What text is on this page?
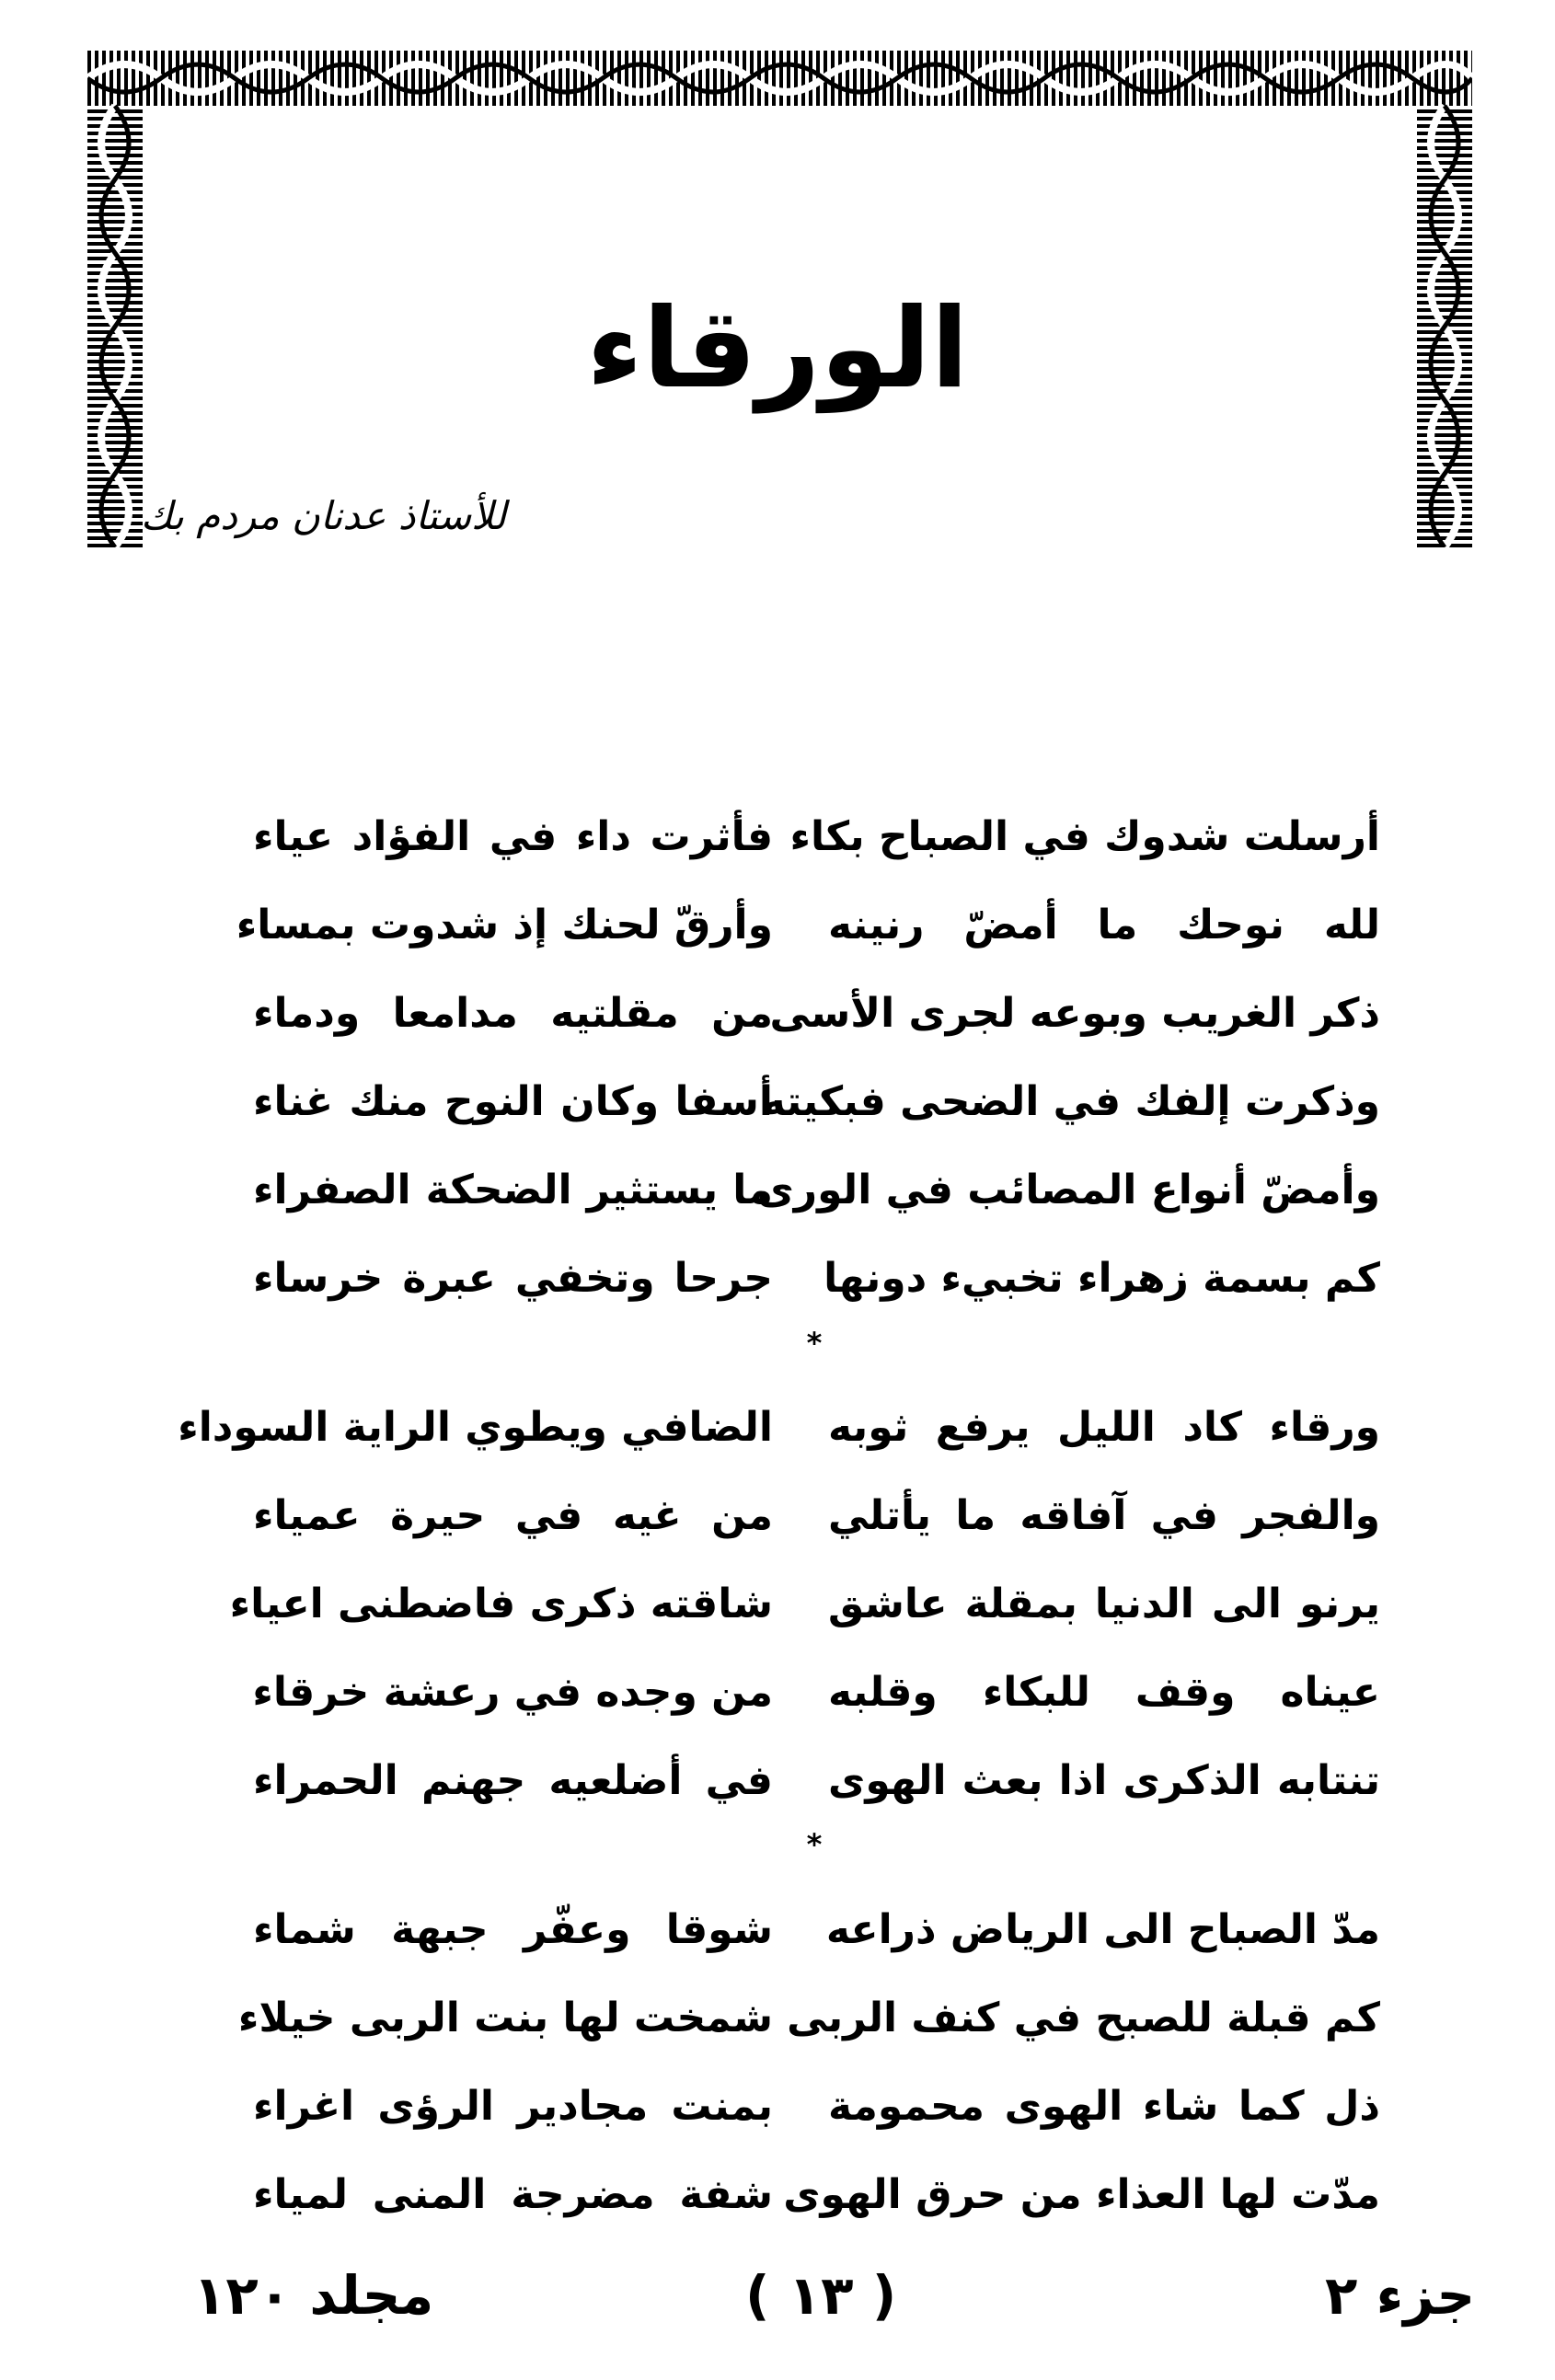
الورقاء
للأستاذ عدنان مردم بك
أرسلت شدوك في الصباح بكاء
فأثرت داء في الفؤاد عياء
لله نوحك ما أمضّ رنينه
وأرقّ لحنك إذ شدوت بمساء
ذكر الغريب وبوعه لجرى الأسى
من مقلتيه مدامعا ودماء
وذكرت إلفك في الضحى فبكيته
أسفا وكان النوح منك غناء
وأمضّ أنواع المصائب في الورى
ما يستثير الضحكة الصفراء
كم بسمة زهراء تخبيء دونها
جرحا وتخفي عبرة خرساء
*
ورقاء كاد الليل يرفع ثوبه
الضافي ويطوي الراية السوداء
والفجر في آفاقه ما يأتلي
من غيه في حيرة عمياء
يرنو الى الدنيا بمقلة عاشق
شاقته ذكرى فاضطنى اعياء
عيناه وقف للبكاء وقلبه
من وجده في رعشة خرقاء
تنتابه الذكرى اذا بعث الهوى
في أضلعيه جهنم الحمراء
*
مدّ الصباح الى الرياض ذراعه
شوقا وعفّر جبهة شماء
كم قبلة للصبح في كنف الربى
شمخت لها بنت الربى خيلاء
ذل كما شاء الهوى محمومة
بمنت مجادير الرؤى اغراء
مدّت لها العذاء من حرق الهوى
شفة مضرجة المنى لمياء
مجلد ١٢٠	( ١٣ )	جزء ٢
